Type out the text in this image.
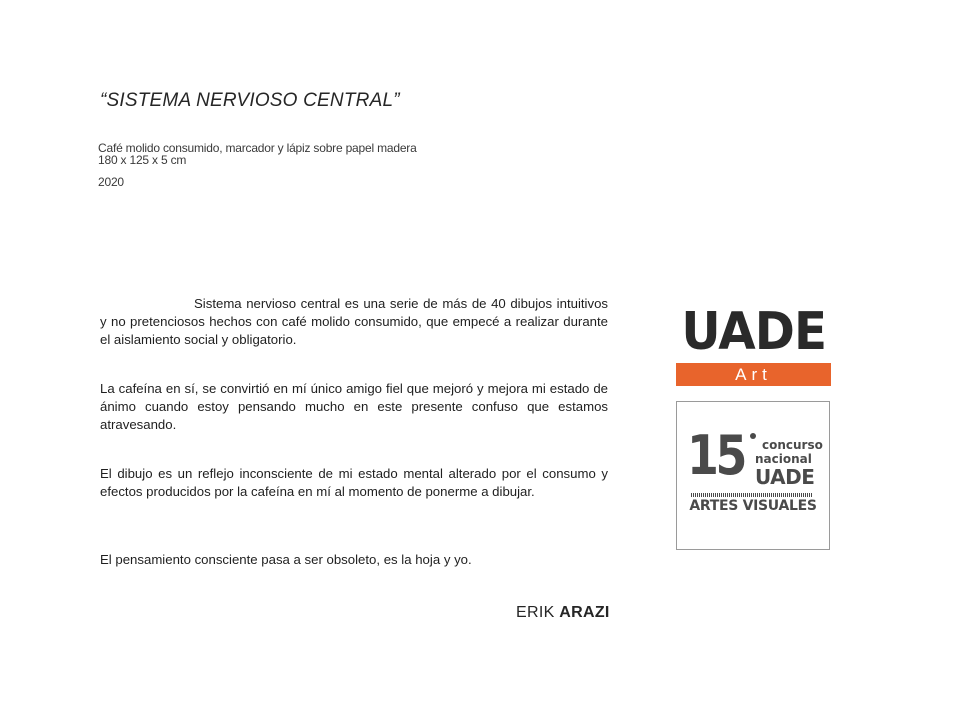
“SISTEMA NERVIOSO CENTRAL”
Café molido consumido, marcador y lápiz sobre papel madera
180 x 125 x 5 cm
2020

Sistema nervioso central es una serie de más de 40 dibujos intuitivos y no pretenciosos hechos con café molido consumido, que empecé a realizar durante el aislamiento social y obligatorio.

La cafeína en sí, se convirtió en mí único amigo fiel que mejoró y mejora mi estado de ánimo cuando estoy pensando mucho en este presente confuso que estamos atravesando.

El dibujo es un reflejo inconsciente de mi estado mental alterado por el consumo y efectos producidos por la cafeína en mí al momento de ponerme a dibujar.

El pensamiento consciente pasa a ser obsoleto, es la hoja y yo.

ERIK ARAZI
UADE
Art
15 concurso
nacional
UADE
ARTES VISUALES
